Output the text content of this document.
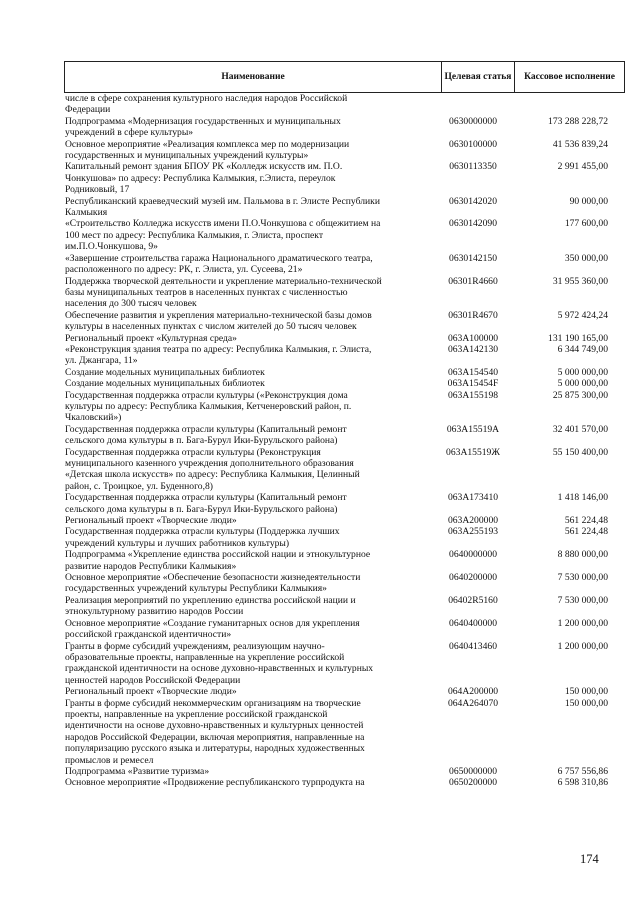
Наименование	Целевая статья	Кассовое исполнение
числе в сфере сохранения культурного наследия народов Российской
Федерации
Подпрограмма «Модернизация государственных и муниципальных
учреждений в сфере культуры»
0630000000	173 288 228,72
Основное мероприятие «Реализация комплекса мер по модернизации
государственных и муниципальных учреждений культуры»
0630100000	41 536 839,24
Капитальный ремонт здания БПОУ РК «Колледж искусств им. П.О.
Чонкушова» по адресу: Республика Калмыкия, г.Элиста, переулок
Родниковый, 17
0630113350	2 991 455,00
Республиканский краеведческий музей им. Пальмова в г. Элисте Республики
Калмыкия
0630142020	90 000,00
«Строительство Колледжа искусств имени П.О.Чонкушова с общежитием на
100 мест по адресу: Республика Калмыкия, г. Элиста, проспект
им.П.О.Чонкушова, 9»
0630142090	177 600,00
«Завершение строительства гаража Национального драматического театра,
расположенного по адресу: РК, г. Элиста, ул. Сусеева, 21»
0630142150	350 000,00
Поддержка творческой деятельности и укрепление материально-технической
базы муниципальных театров в населенных пунктах с численностью
населения до 300 тысяч человек
06301R4660	31 955 360,00
Обеспечение развития и укрепления материально-технической базы домов
культуры в населенных пунктах с числом жителей до 50 тысяч человек
06301R4670	5 972 424,24
Региональный проект «Культурная среда»	063A100000	131 190 165,00
«Реконструкция здания театра по адресу: Республика Калмыкия, г. Элиста,
ул. Джангара, 11»
063A142130	6 344 749,00
Создание модельных муниципальных библиотек	063A154540	5 000 000,00
Создание модельных муниципальных библиотек	063A15454F	5 000 000,00
Государственная поддержка отрасли культуры («Реконструкция дома
культуры по адресу: Республика Калмыкия, Кетченеровский район, п.
Чкаловский»)
063A155198	25 875 300,00
Государственная поддержка отрасли культуры (Капитальный ремонт
сельского дома культуры в п. Бага-Бурул Ики-Бурульского района)
063A15519A	32 401 570,00
Государственная поддержка отрасли культуры (Реконструкция
муниципального казенного учреждения дополнительного образования
«Детская школа искусств» по адресу: Республика Калмыкия, Целинный
район, с. Троицкое, ул. Буденного,8)
063A15519Ж	55 150 400,00
Государственная поддержка отрасли культуры (Капитальный ремонт
сельского дома культуры в п. Бага-Бурул Ики-Бурульского района)
063A173410	1 418 146,00
Региональный проект «Творческие люди»	063A200000	561 224,48
Государственная поддержка отрасли культуры (Поддержка лучших
учреждений культуры и лучших работников культуры)
063A255193	561 224,48
Подпрограмма «Укрепление единства российской нации и этнокультурное
развитие народов Республики Калмыкия»
0640000000	8 880 000,00
Основное мероприятие «Обеспечение безопасности жизнедеятельности
государственных учреждений культуры Республики Калмыкия»
0640200000	7 530 000,00
Реализация мероприятий по укреплению единства российской нации и
этнокультурному развитию народов России
06402R5160	7 530 000,00
Основное мероприятие «Создание гуманитарных основ для укрепления
российской гражданской идентичности»
0640400000	1 200 000,00
Гранты в форме субсидий учреждениям, реализующим научно-
образовательные проекты, направленные на укрепление российской
гражданской идентичности на основе духовно-нравственных и культурных
ценностей народов Российской Федерации
0640413460	1 200 000,00
Региональный проект «Творческие люди»	064A200000	150 000,00
Гранты в форме субсидий некоммерческим организациям на творческие
проекты, направленные на укрепление российской гражданской
идентичности на основе духовно-нравственных и культурных ценностей
народов Российской Федерации, включая мероприятия, направленные на
популяризацию русского языка и литературы, народных художественных
промыслов и ремесел
064A264070	150 000,00
Подпрограмма «Развитие туризма»	0650000000	6 757 556,86
Основное мероприятие «Продвижение республиканского турпродукта на	0650200000	6 598 310,86
174
